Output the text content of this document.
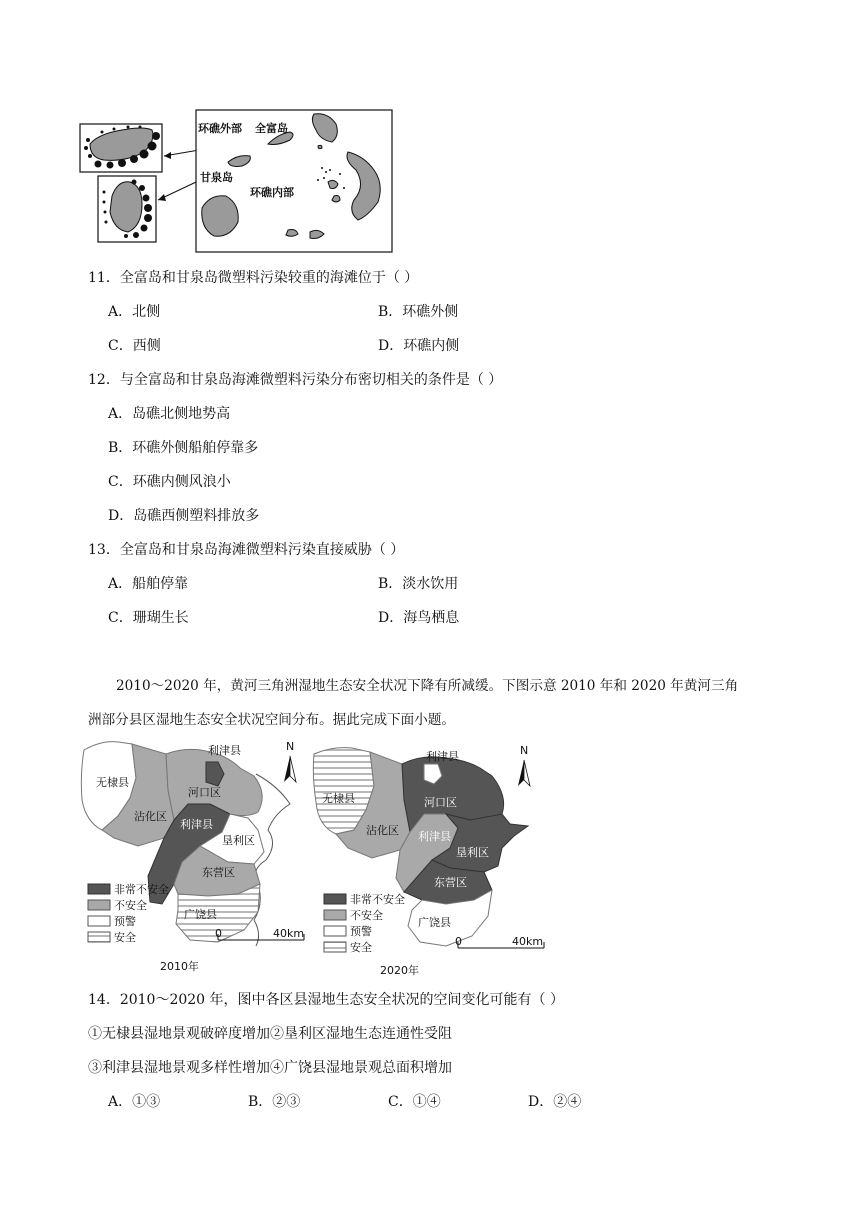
环礁外部 全富岛
甘泉岛
环礁内部
11．全富岛和甘泉岛微塑料污染较重的海滩位于（ ）
A．北侧	B．环礁外侧
C．西侧	D．环礁内侧
12．与全富岛和甘泉岛海滩微塑料污染分布密切相关的条件是（ ）
A．岛礁北侧地势高
B．环礁外侧船舶停靠多
C．环礁内侧风浪小
D．岛礁西侧塑料排放多
13．全富岛和甘泉岛海滩微塑料污染直接威胁（ ）
A．船舶停靠	B．淡水饮用
C．珊瑚生长	D．海鸟栖息
2010～2020 年，黄河三角洲湿地生态安全状况下降有所减缓。下图示意 2010 年和 2020 年黄河三角
洲部分县区湿地生态安全状况空间分布。据此完成下面小题。
利津县
无棣县
河口区
沾化区
利津县
垦利区
东营区
广饶县
N
非常不安全
不安全
预警
安全	0	40km
2010年
利津县
无棣县	河口区
沾化区 利津县
垦利区
东营区
广饶县
N
非常不安全
不安全
预警
安全	0	40km
2020年
14．2010～2020 年，图中各区县湿地生态安全状况的空间变化可能有（ ）
①无棣县湿地景观破碎度增加②垦利区湿地生态连通性受阻
③利津县湿地景观多样性增加④广饶县湿地景观总面积增加
A．①③	B．②③	C．①④	D．②④
